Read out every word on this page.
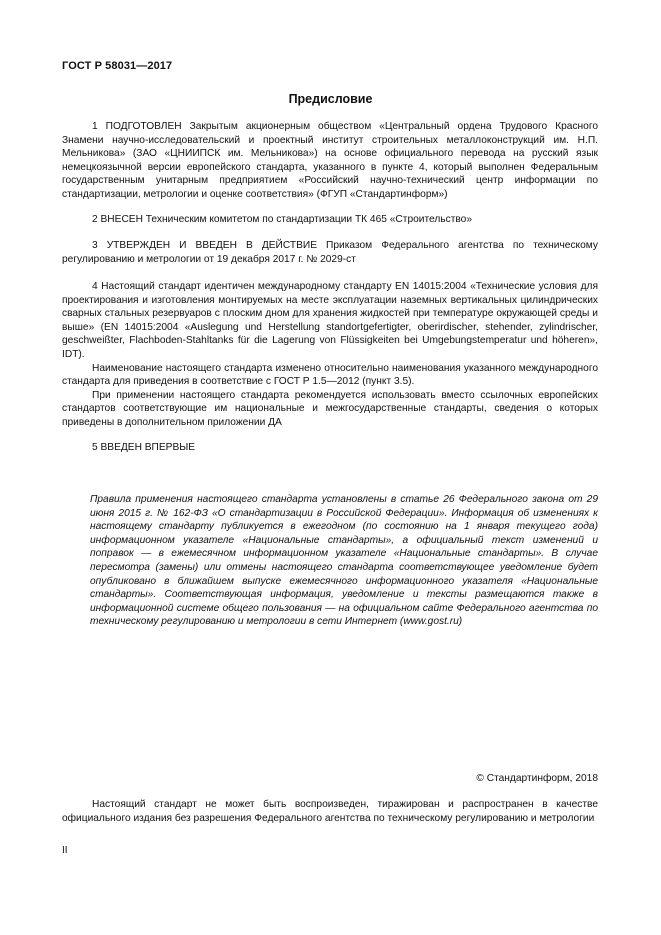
ГОСТ Р 58031—2017
Предисловие
1 ПОДГОТОВЛЕН Закрытым акционерным обществом «Центральный ордена Трудового Красного Знамени научно-исследовательский и проектный институт строительных металлоконструкций им. Н.П. Мельникова» (ЗАО «ЦНИИПСК им. Мельникова») на основе официального перевода на русский язык немецкоязычной версии европейского стандарта, указанного в пункте 4, который выполнен Федеральным государственным унитарным предприятием «Российский научно-технический центр информации по стандартизации, метрологии и оценке соответствия» (ФГУП «Стандартинформ»)
2 ВНЕСЕН Техническим комитетом по стандартизации ТК 465 «Строительство»
3 УТВЕРЖДЕН И ВВЕДЕН В ДЕЙСТВИЕ Приказом Федерального агентства по техническому регулированию и метрологии от 19 декабря 2017 г. № 2029-ст

4 Настоящий стандарт идентичен международному стандарту EN 14015:2004 «Технические условия для проектирования и изготовления монтируемых на месте эксплуатации наземных вертикальных цилиндрических сварных стальных резервуаров с плоским дном для хранения жидкостей при температуре окружающей среды и выше» (EN 14015:2004 «Auslegung und Herstellung standortgefertigter, oberirdischer, stehender, zylindrischer, geschweißter, Flachboden-Stahltanks für die Lagerung von Flüssigkeiten bei Umgebungstemperatur und höheren», IDT).

Наименование настоящего стандарта изменено относительно наименования указанного международного стандарта для приведения в соответствие с ГОСТ Р 1.5—2012 (пункт 3.5).

При применении настоящего стандарта рекомендуется использовать вместо ссылочных европейских стандартов соответствующие им национальные и межгосударственные стандарты, сведения о которых приведены в дополнительном приложении ДА

5 ВВЕДЕН ВПЕРВЫЕ
Правила применения настоящего стандарта установлены в статье 26 Федерального закона от 29 июня 2015 г. № 162-ФЗ «О стандартизации в Российской Федерации». Информация об изменениях к настоящему стандарту публикуется в ежегодном (по состоянию на 1 января текущего года) информационном указателе «Национальные стандарты», а официальный текст изменений и поправок — в ежемесячном информационном указателе «Национальные стандарты». В случае пересмотра (замены) или отмены настоящего стандарта соответствующее уведомление будет опубликовано в ближайшем выпуске ежемесячного информационного указателя «Национальные стандарты». Соответствующая информация, уведомление и тексты размещаются также в информационной системе общего пользования — на официальном сайте Федерального агентства по техническому регулированию и метрологии в сети Интернет (www.gost.ru)
© Стандартинформ, 2018
Настоящий стандарт не может быть воспроизведен, тиражирован и распространен в качестве официального издания без разрешения Федерального агентства по техническому регулированию и метрологии
II
